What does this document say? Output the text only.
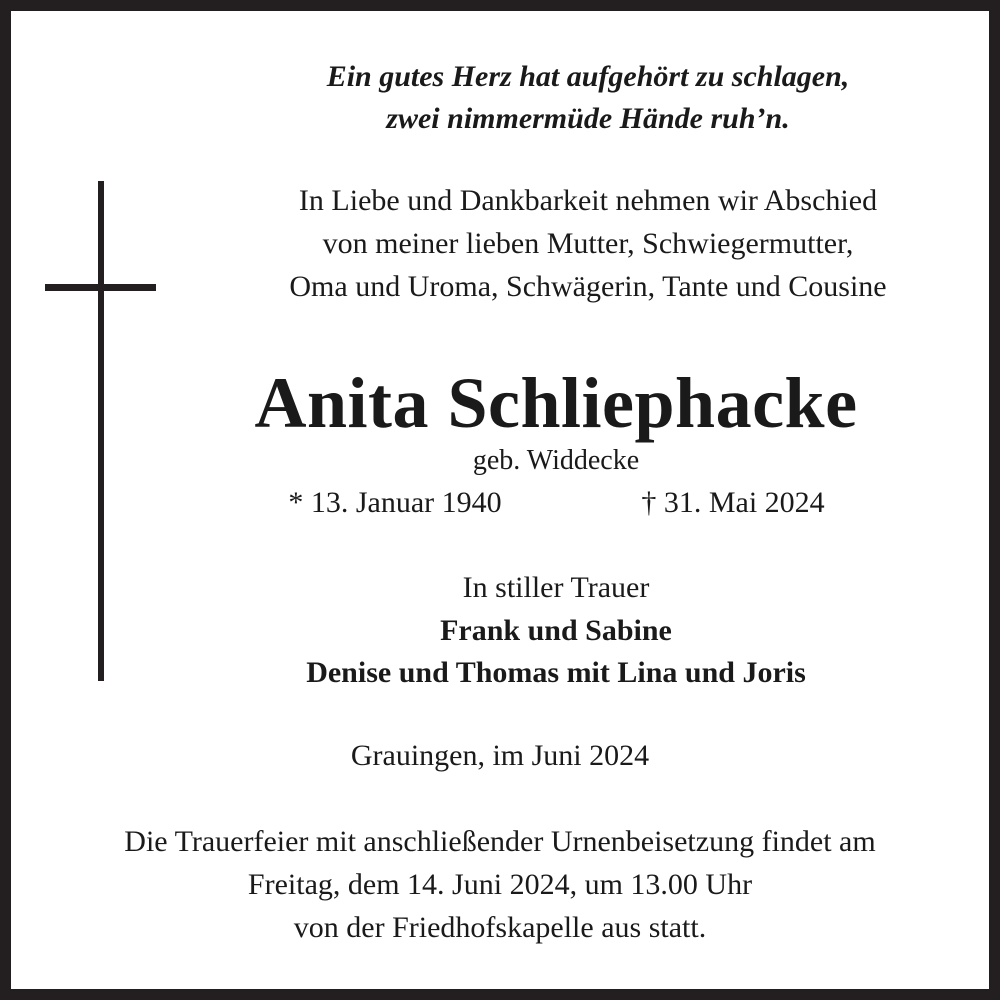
Ein gutes Herz hat aufgehört zu schlagen,
zwei nimmermüde Hände ruh’n.
In Liebe und Dankbarkeit nehmen wir Abschied
von meiner lieben Mutter, Schwiegermutter,
Oma und Uroma, Schwägerin, Tante und Cousine
Anita Schliephacke
geb. Widdecke
* 13. Januar 1940	† 31. Mai 2024
In stiller Trauer
Frank und Sabine
Denise und Thomas mit Lina und Joris
Grauingen, im Juni 2024
Die Trauerfeier mit anschließender Urnenbeisetzung findet am
Freitag, dem 14. Juni 2024, um 13.00 Uhr
von der Friedhofskapelle aus statt.
